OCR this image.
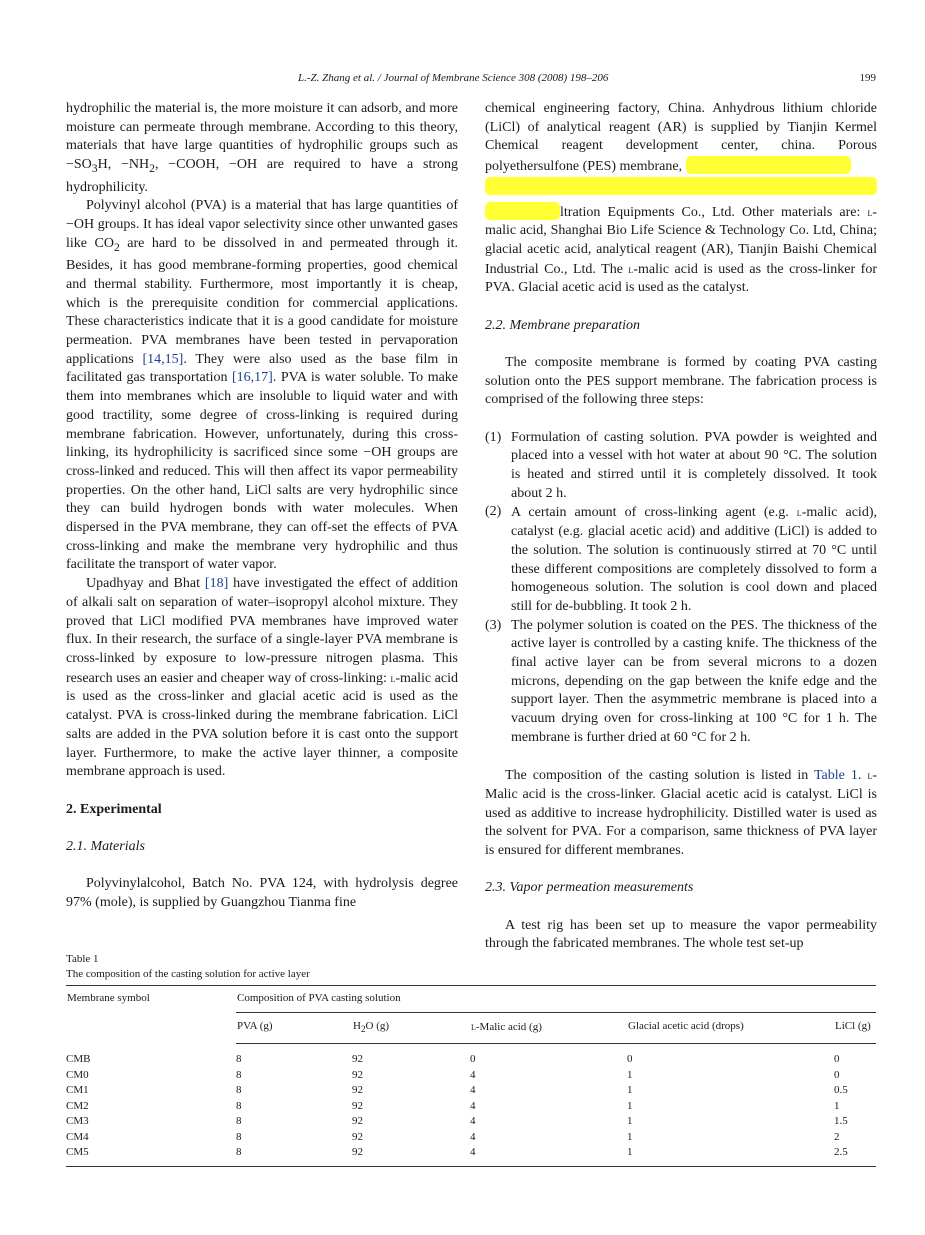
L.-Z. Zhang et al. / Journal of Membrane Science 308 (2008) 198–206	199

hydrophilic the material is, the more moisture it can adsorb, and more moisture can permeate through membrane. According to this theory, materials that have large quantities of hydrophilic groups such as $-SO_3H$, $-NH_2$, −COOH, −OH are required to have a strong hydrophilicity.

Polyvinyl alcohol (PVA) is a material that has large quantities of −OH groups. It has ideal vapor selectivity since other unwanted gases like $CO_2$ are hard to be dissolved in and permeated through it. Besides, it has good membrane-forming properties, good chemical and thermal stability. Furthermore, most importantly it is cheap, which is the prerequisite condition for commercial applications. These characteristics indicate that it is a good candidate for moisture permeation. PVA membranes have been tested in pervaporation applications [14,15]. They were also used as the base film in facilitated gas transportation [16,17]. PVA is water soluble. To make them into membranes which are insoluble to liquid water and with good tractility, some degree of cross-linking is required during membrane fabrication. However, unfortunately, during this cross-linking, its hydrophilicity is sacrificed since some −OH groups are cross-linked and reduced. This will then affect its vapor permeability properties. On the other hand, LiCl salts are very hydrophilic since they can build hydrogen bonds with water molecules. When dispersed in the PVA membrane, they can off-set the effects of PVA cross-linking and make the membrane very hydrophilic and thus facilitate the transport of water vapor.

Upadhyay and Bhat [18] have investigated the effect of addition of alkali salt on separation of water–isopropyl alcohol mixture. They proved that LiCl modified PVA membranes have improved water flux. In their research, the surface of a single-layer PVA membrane is cross-linked by exposure to low-pressure nitrogen plasma. This research uses an easier and cheaper way of cross-linking: l-malic acid is used as the cross-linker and glacial acetic acid is used as the catalyst. PVA is cross-linked during the membrane fabrication. LiCl salts are added in the PVA solution before it is cast onto the support layer. Furthermore, to make the active layer thinner, a composite membrane approach is used.

2. Experimental

2.1. Materials

Polyvinylalcohol, Batch No. PVA 124, with hydrolysis degree 97% (mole), is supplied by Guangzhou Tianma fine

chemical engineering factory, China. Anhydrous lithium chloride (LiCl) of analytical reagent (AR) is supplied by Tianjin Kermel Chemical reagent development center, china. Porous polyethersulfone (PES) membrane,

ltration Equipments Co., Ltd. Other materials are: l-malic acid, Shanghai Bio Life Science & Technology Co. Ltd, China; glacial acetic acid, analytical reagent (AR), Tianjin Baishi Chemical Industrial Co., Ltd. The l-malic acid is used as the cross-linker for PVA. Glacial acetic acid is used as the catalyst.

2.2. Membrane preparation

The composite membrane is formed by coating PVA casting solution onto the PES support membrane. The fabrication process is comprised of the following three steps:

(1) Formulation of casting solution. PVA powder is weighted and placed into a vessel with hot water at about 90 °C. The solution is heated and stirred until it is completely dissolved. It took about 2 h.
(2) A certain amount of cross-linking agent (e.g. l-malic acid), catalyst (e.g. glacial acetic acid) and additive (LiCl) is added to the solution. The solution is continuously stirred at 70 °C until these different compositions are completely dissolved to form a homogeneous solution. The solution is cool down and placed still for de-bubbling. It took 2 h.
(3) The polymer solution is coated on the PES. The thickness of the active layer is controlled by a casting knife. The thickness of the final active layer can be from several microns to a dozen microns, depending on the gap between the knife edge and the support layer. Then the asymmetric membrane is placed into a vacuum drying oven for cross-linking at 100 °C for 1 h. The membrane is further dried at 60 °C for 2 h.

The composition of the casting solution is listed in Table 1. l-Malic acid is the cross-linker. Glacial acetic acid is catalyst. LiCl is used as additive to increase hydrophilicity. Distilled water is used as the solvent for PVA. For a comparison, same thickness of PVA layer is ensured for different membranes.

2.3. Vapor permeation measurements

A test rig has been set up to measure the vapor permeability through the fabricated membranes. The whole test set-up

Table 1
The composition of the casting solution for active layer
Membrane symbol	Composition of PVA casting solution				
	PVA (g)	$H_2O$ (g)	l-Malic acid (g)	Glacial acetic acid (drops)	LiCl (g)
CMB	8	92	0	0	0
CM0	8	92	4	1	0
CM1	8	92	4	1	0.5
CM2	8	92	4	1	1
CM3	8	92	4	1	1.5
CM4	8	92	4	1	2
CM5	8	92	4	1	2.5
